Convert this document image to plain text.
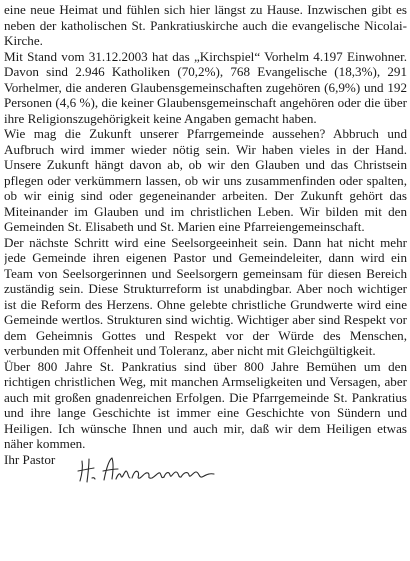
eine neue Heimat und fühlen sich hier längst zu Hause. Inzwischen gibt es neben der katholischen St. Pankratiuskirche auch die evangelische Nicolai-Kirche.

Mit Stand vom 31.12.2003 hat das „Kirchspiel“ Vorhelm 4.197 Einwohner. Davon sind 2.946 Katholiken (70,2%), 768 Evangelische (18,3%), 291 Vorhelmer, die anderen Glaubensgemeinschaften zugehören (6,9%) und 192 Personen (4,6 %), die keiner Glaubensgemeinschaft angehören oder die über ihre Religionszugehörigkeit keine Angaben gemacht haben.

Wie mag die Zukunft unserer Pfarrgemeinde aussehen? Abbruch und Aufbruch wird immer wieder nötig sein. Wir haben vieles in der Hand. Unsere Zukunft hängt davon ab, ob wir den Glauben und das Christsein pflegen oder verkümmern lassen, ob wir uns zusammenfinden oder spalten, ob wir einig sind oder gegeneinander arbeiten. Der Zukunft gehört das Miteinander im Glauben und im christlichen Leben. Wir bilden mit den Gemeinden St. Elisabeth und St. Marien eine Pfarreiengemeinschaft.

Der nächste Schritt wird eine Seelsorgeeinheit sein. Dann hat nicht mehr jede Gemeinde ihren eigenen Pastor und Gemeindeleiter, dann wird ein Team von Seelsorgerinnen und Seelsorgern gemeinsam für diesen Bereich zuständig sein. Diese Strukturreform ist unabdingbar. Aber noch wichtiger ist die Reform des Herzens. Ohne gelebte christliche Grundwerte wird eine Gemeinde wertlos. Strukturen sind wichtig. Wichtiger aber sind Respekt vor dem Geheimnis Gottes und Respekt vor der Würde des Menschen, verbunden mit Offenheit und Toleranz, aber nicht mit Gleichgültigkeit.

Über 800 Jahre St. Pankratius sind über 800 Jahre Bemühen um den richtigen christlichen Weg, mit manchen Armseligkeiten und Versagen, aber auch mit großen gnadenreichen Erfolgen. Die Pfarrgemeinde St. Pankratius und ihre lange Geschichte ist immer eine Geschichte von Sündern und Heiligen. Ich wünsche Ihnen und auch mir, daß wir dem Heiligen etwas näher kommen.

Ihr Pastor
